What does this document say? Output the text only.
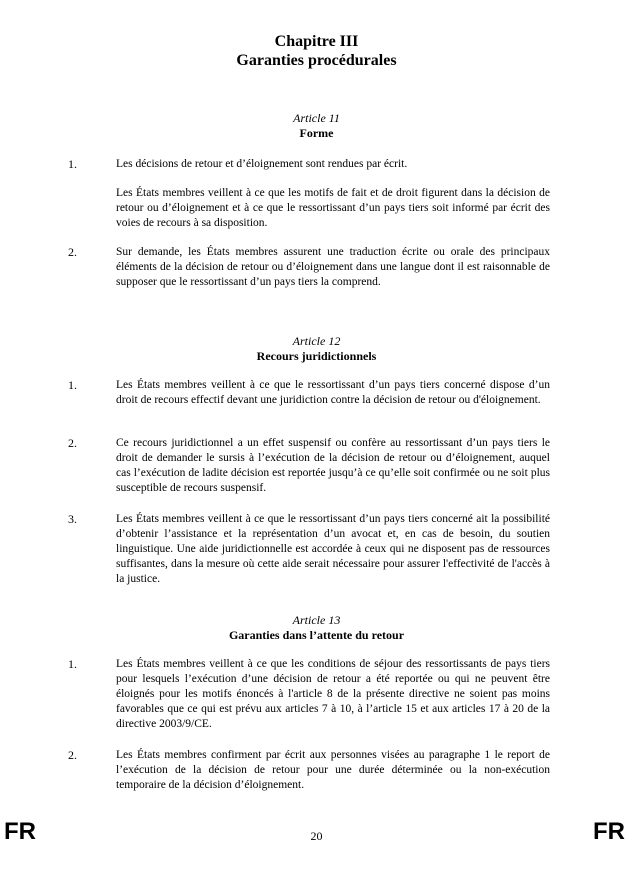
Chapitre III
Garanties procédurales
Article 11
Forme
1.	Les décisions de retour et d’éloignement sont rendues par écrit.
Les États membres veillent à ce que les motifs de fait et de droit figurent dans la décision de retour ou d’éloignement et à ce que le ressortissant d’un pays tiers soit informé par écrit des voies de recours à sa disposition.
2.	Sur demande, les États membres assurent une traduction écrite ou orale des principaux éléments de la décision de retour ou d’éloignement dans une langue dont il est raisonnable de supposer que le ressortissant d’un pays tiers la comprend.
Article 12
Recours juridictionnels
1.	Les États membres veillent à ce que le ressortissant d’un pays tiers concerné dispose d’un droit de recours effectif devant une juridiction contre la décision de retour ou d'éloignement.
2.	Ce recours juridictionnel a un effet suspensif ou confère au ressortissant d’un pays tiers le droit de demander le sursis à l’exécution de la décision de retour ou d’éloignement, auquel cas l’exécution de ladite décision est reportée jusqu’à ce qu’elle soit confirmée ou ne soit plus susceptible de recours suspensif.
3.	Les États membres veillent à ce que le ressortissant d’un pays tiers concerné ait la possibilité d’obtenir l’assistance et la représentation d’un avocat et, en cas de besoin, du soutien linguistique. Une aide juridictionnelle est accordée à ceux qui ne disposent pas de ressources suffisantes, dans la mesure où cette aide serait nécessaire pour assurer l'effectivité de l'accès à la justice.
Article 13
Garanties dans l’attente du retour
1.	Les États membres veillent à ce que les conditions de séjour des ressortissants de pays tiers pour lesquels l’exécution d’une décision de retour a été reportée ou qui ne peuvent être éloignés pour les motifs énoncés à l'article 8 de la présente directive ne soient pas moins favorables que ce qui est prévu aux articles 7 à 10, à l’article 15 et aux articles 17 à 20 de la directive 2003/9/CE.
2.	Les États membres confirment par écrit aux personnes visées au paragraphe 1 le report de l’exécution de la décision de retour pour une durée déterminée ou la non-exécution temporaire de la décision d’éloignement.
FR	20	FR
